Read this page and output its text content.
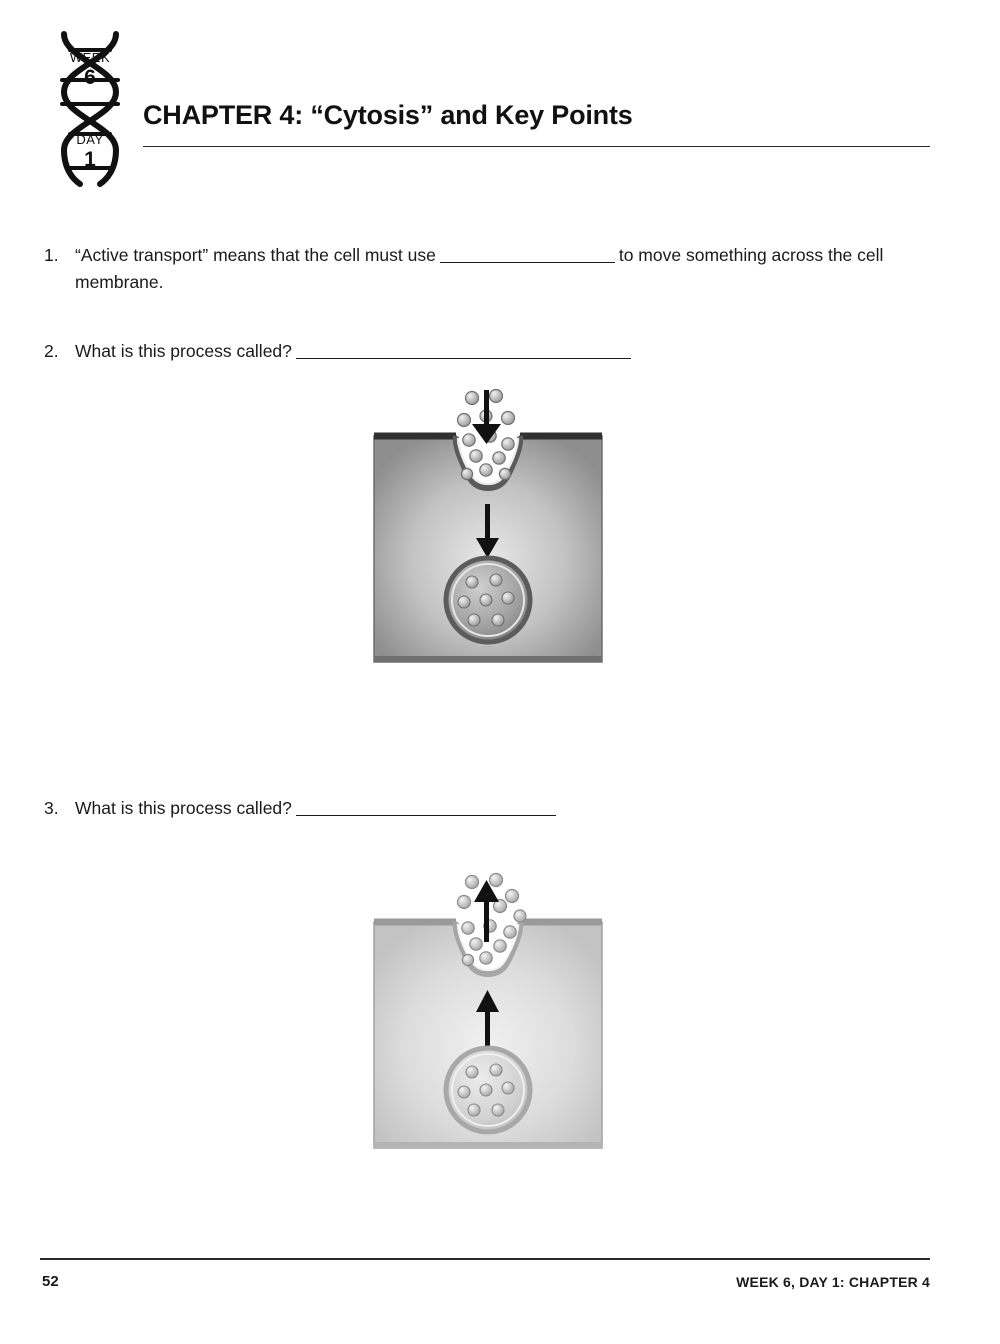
WEEK
6
DAY
1
CHAPTER 4: “Cytosis” and Key Points
1. “Active transport” means that the cell must use	to move something across the cell membrane.
2. What is this process called?
3. What is this process called?
52	WEEK 6, DAY 1: CHAPTER 4
